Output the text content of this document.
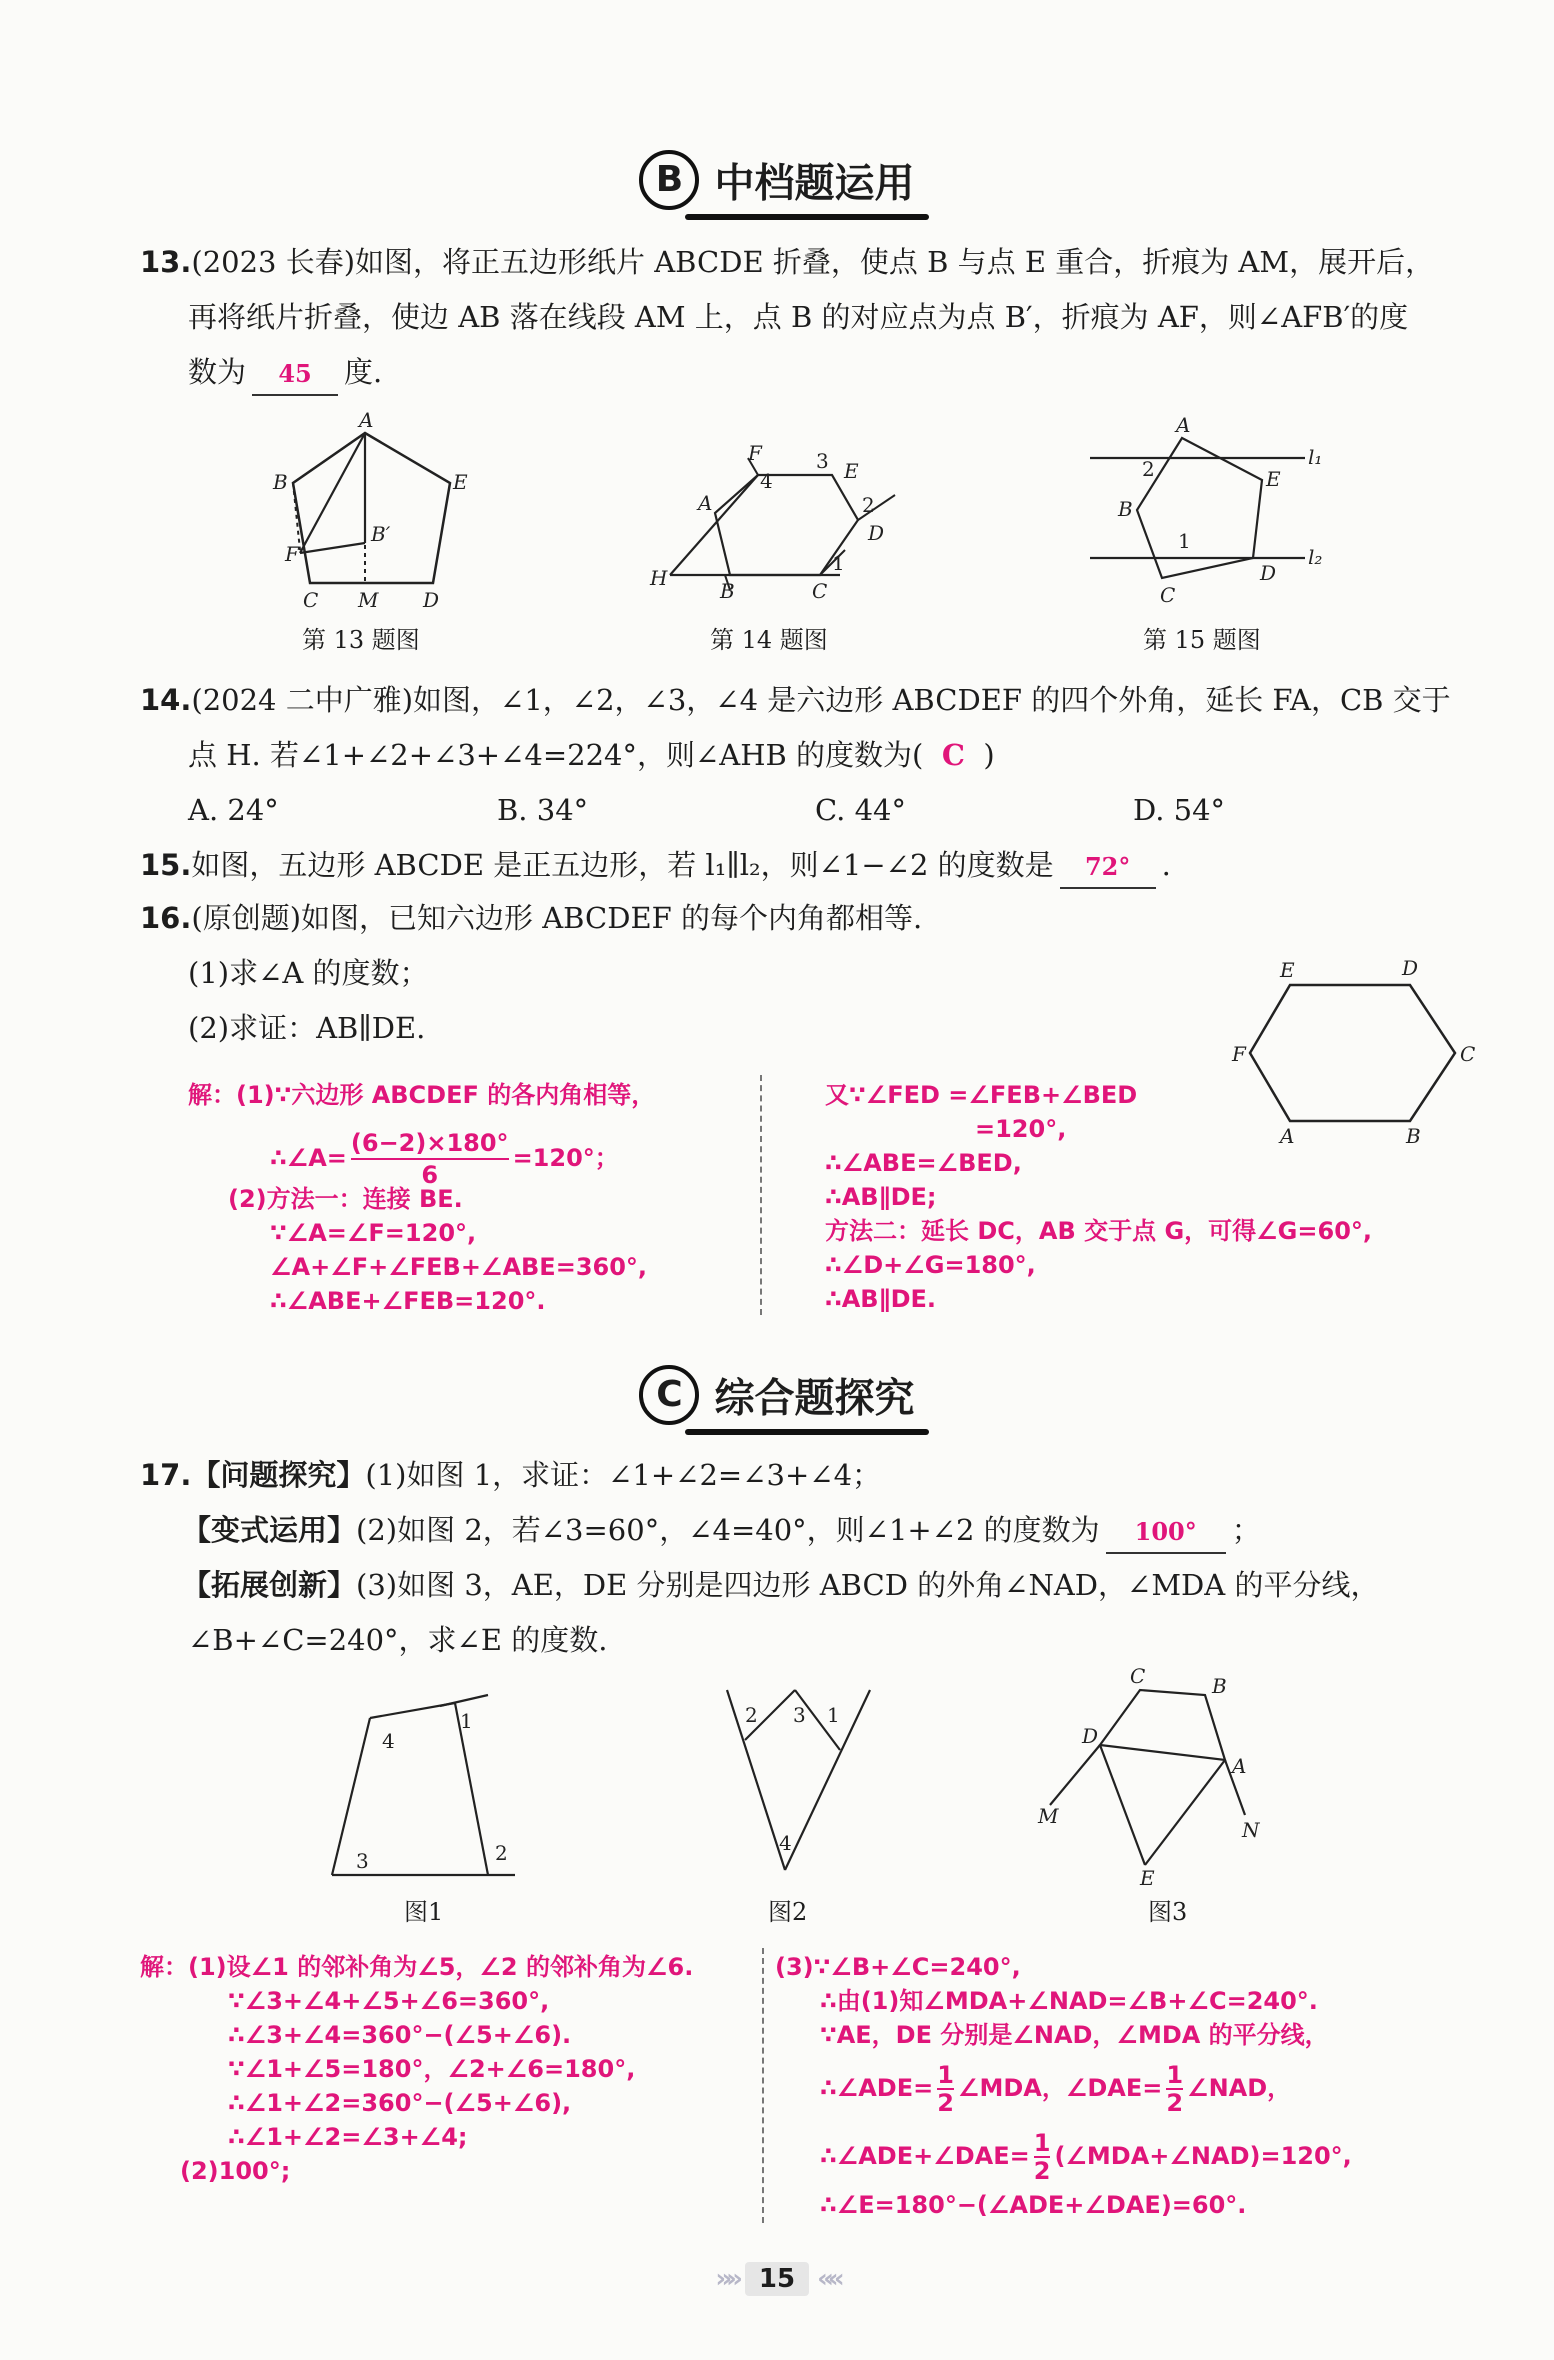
B 中档题运用
13.(2023 长春)如图，将正五边形纸片 ABCDE 折叠，使点 B 与点 E 重合，折痕为 AM，展开后，
再将纸片折叠，使边 AB 落在线段 AM 上，点 B 的对应点为点 B′，折痕为 AF，则∠AFB′的度
数为 45 度.
A
B	E
B′
F
C M D
第 13 题图
H
B	C
A
F
E
D
4
3
2
1
第 14 题图
A
E
B
D
C
l₁
l₂
2
1
第 15 题图
14.(2024 二中广雅)如图，∠1，∠2，∠3，∠4 是六边形 ABCDEF 的四个外角，延长 FA，CB 交于
点 H. 若∠1+∠2+∠3+∠4=224°，则∠AHB 的度数为( C )
A. 24°	B. 34°	C. 44°	D. 54°
15.如图，五边形 ABCDE 是正五边形，若 l₁∥l₂，则∠1−∠2 的度数是 72° .
16.(原创题)如图，已知六边形 ABCDEF 的每个内角都相等.
(1)求∠A 的度数；
(2)求证：AB∥DE.
E	D
F	C
A	B
解：(1)∵六边形 ABCDEF 的各内角相等，
∴∠A= $\frac{(6-2)\times 180^\circ}{6} =120^\circ$；
(2)方法一：连接 BE.
∵∠A=∠F=120°,
∠A+∠F+∠FEB+∠ABE=360°,
∴∠ABE+∠FEB=120°.
又∵∠FED =∠FEB+∠BED
=120°,
∴∠ABE=∠BED,
∴AB∥DE;
方法二：延长 DC，AB 交于点 G，可得∠G=60°,
∴∠D+∠G=180°,
∴AB∥DE.
C 综合题探究
17.【问题探究】(1)如图 1，求证：∠1+∠2=∠3+∠4；
【变式运用】(2)如图 2，若∠3=60°，∠4=40°，则∠1+∠2 的度数为 100° ；
【拓展创新】(3)如图 3，AE，DE 分别是四边形 ABCD 的外角∠NAD，∠MDA 的平分线，
∠B+∠C=240°，求∠E 的度数.
4
1
3	2
图1
2 3 1
4
图2
C	B
D
A
M
N
E
图3
解：(1)设∠1 的邻补角为∠5，∠2 的邻补角为∠6.
∵∠3+∠4+∠5+∠6=360°,
∴∠3+∠4=360°−(∠5+∠6).
∵∠1+∠5=180°，∠2+∠6=180°,
∴∠1+∠2=360°−(∠5+∠6),
∴∠1+∠2=∠3+∠4;
(2)100°;
(3)∵∠B+∠C=240°,
∴由(1)知∠MDA+∠NAD=∠B+∠C=240°.
∵AE，DE 分别是∠NAD，∠MDA 的平分线，
∴∠ADE= $\frac{1}{2}$ ∠MDA，∠DAE= $\frac{1}{2}$ ∠NAD，
∴∠ADE+∠DAE= $\frac{1}{2}$ (∠MDA+∠NAD)=120°,
∴∠E=180°−(∠ADE+∠DAE)=60°.
»» 15 ««
